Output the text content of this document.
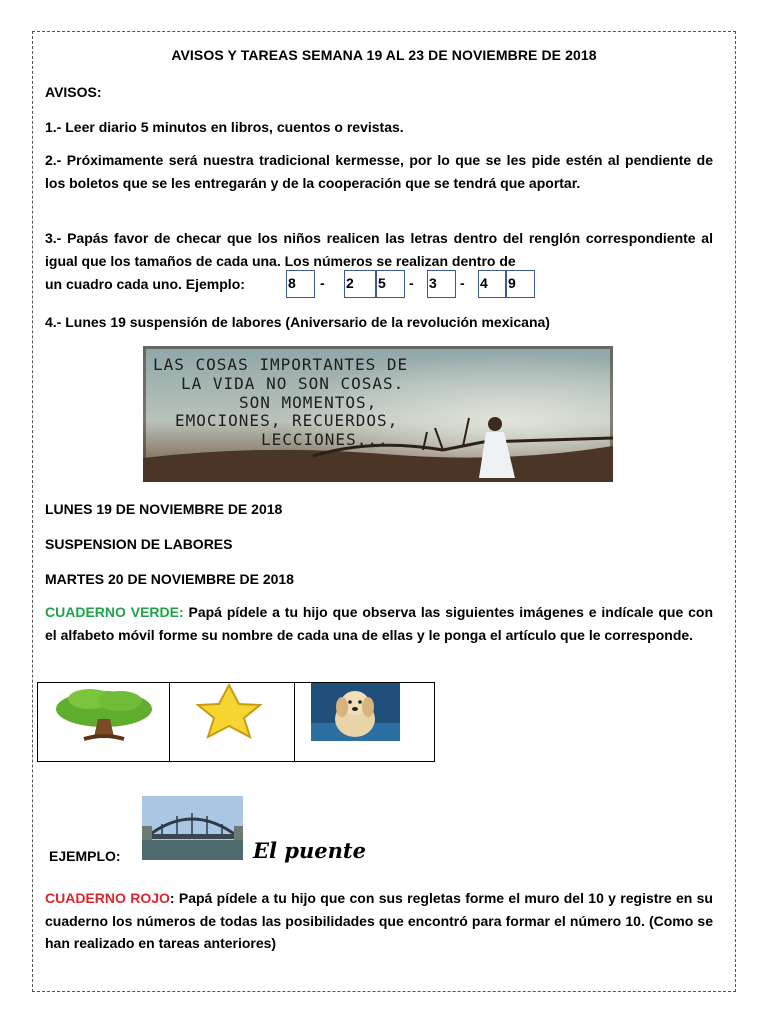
AVISOS Y TAREAS SEMANA 19 AL 23 DE NOVIEMBRE DE 2018
AVISOS:
1.- Leer diario 5 minutos en libros, cuentos o revistas.
2.- Próximamente será nuestra tradicional kermesse, por lo que se les pide estén al pendiente de los boletos que se les entregarán y de la cooperación que se tendrá que aportar.
3.- Papás favor de checar que los niños realicen las letras dentro del renglón correspondiente al igual que los tamaños de cada una. Los números se realizan dentro de
un cuadro cada uno. Ejemplo:	8	- 2	5	- 3	- 4	9
4.- Lunes 19 suspensión de labores (Aniversario de la revolución mexicana)
LAS COSAS IMPORTANTES DE
LA VIDA NO SON COSAS.
SON MOMENTOS,
EMOCIONES, RECUERDOS,
LECCIONES...
LUNES 19 DE NOVIEMBRE DE 2018
SUSPENSION DE LABORES
MARTES 20 DE NOVIEMBRE DE 2018
CUADERNO VERDE: Papá pídele a tu hijo que observa las siguientes imágenes e indícale que con el alfabeto móvil forme su nombre de cada una de ellas y le ponga el artículo que le corresponde.
EJEMPLO:	El puente
CUADERNO ROJO: Papá pídele a tu hijo que con sus regletas forme el muro del 10 y registre en su cuaderno los números de todas las posibilidades que encontró para formar el número 10. (Como se han realizado en tareas anteriores)
